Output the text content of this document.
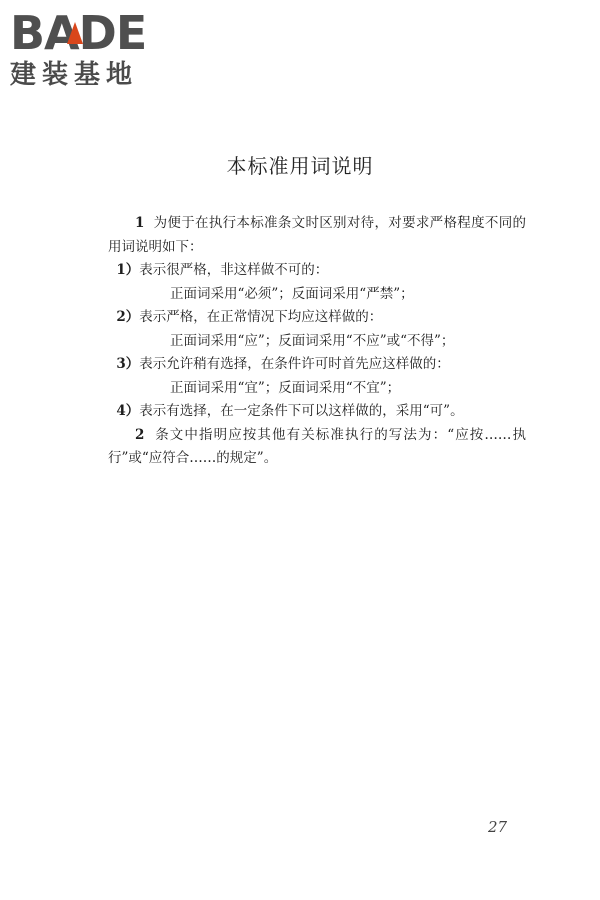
BADE
建装基地
本标准用词说明

1 为便于在执行本标准条文时区别对待，对要求严格程度不同的用词说明如下：

1）表示很严格，非这样做不可的：

正面词采用“必须”；反面词采用“严禁”；

2）表示严格，在正常情况下均应这样做的：

正面词采用“应”；反面词采用“不应”或“不得”；

3）表示允许稍有选择，在条件许可时首先应这样做的：

正面词采用“宜”；反面词采用“不宜”；

4）表示有选择，在一定条件下可以这样做的，采用“可”。

2 条文中指明应按其他有关标准执行的写法为：“应按……执行”或“应符合……的规定”。

27
